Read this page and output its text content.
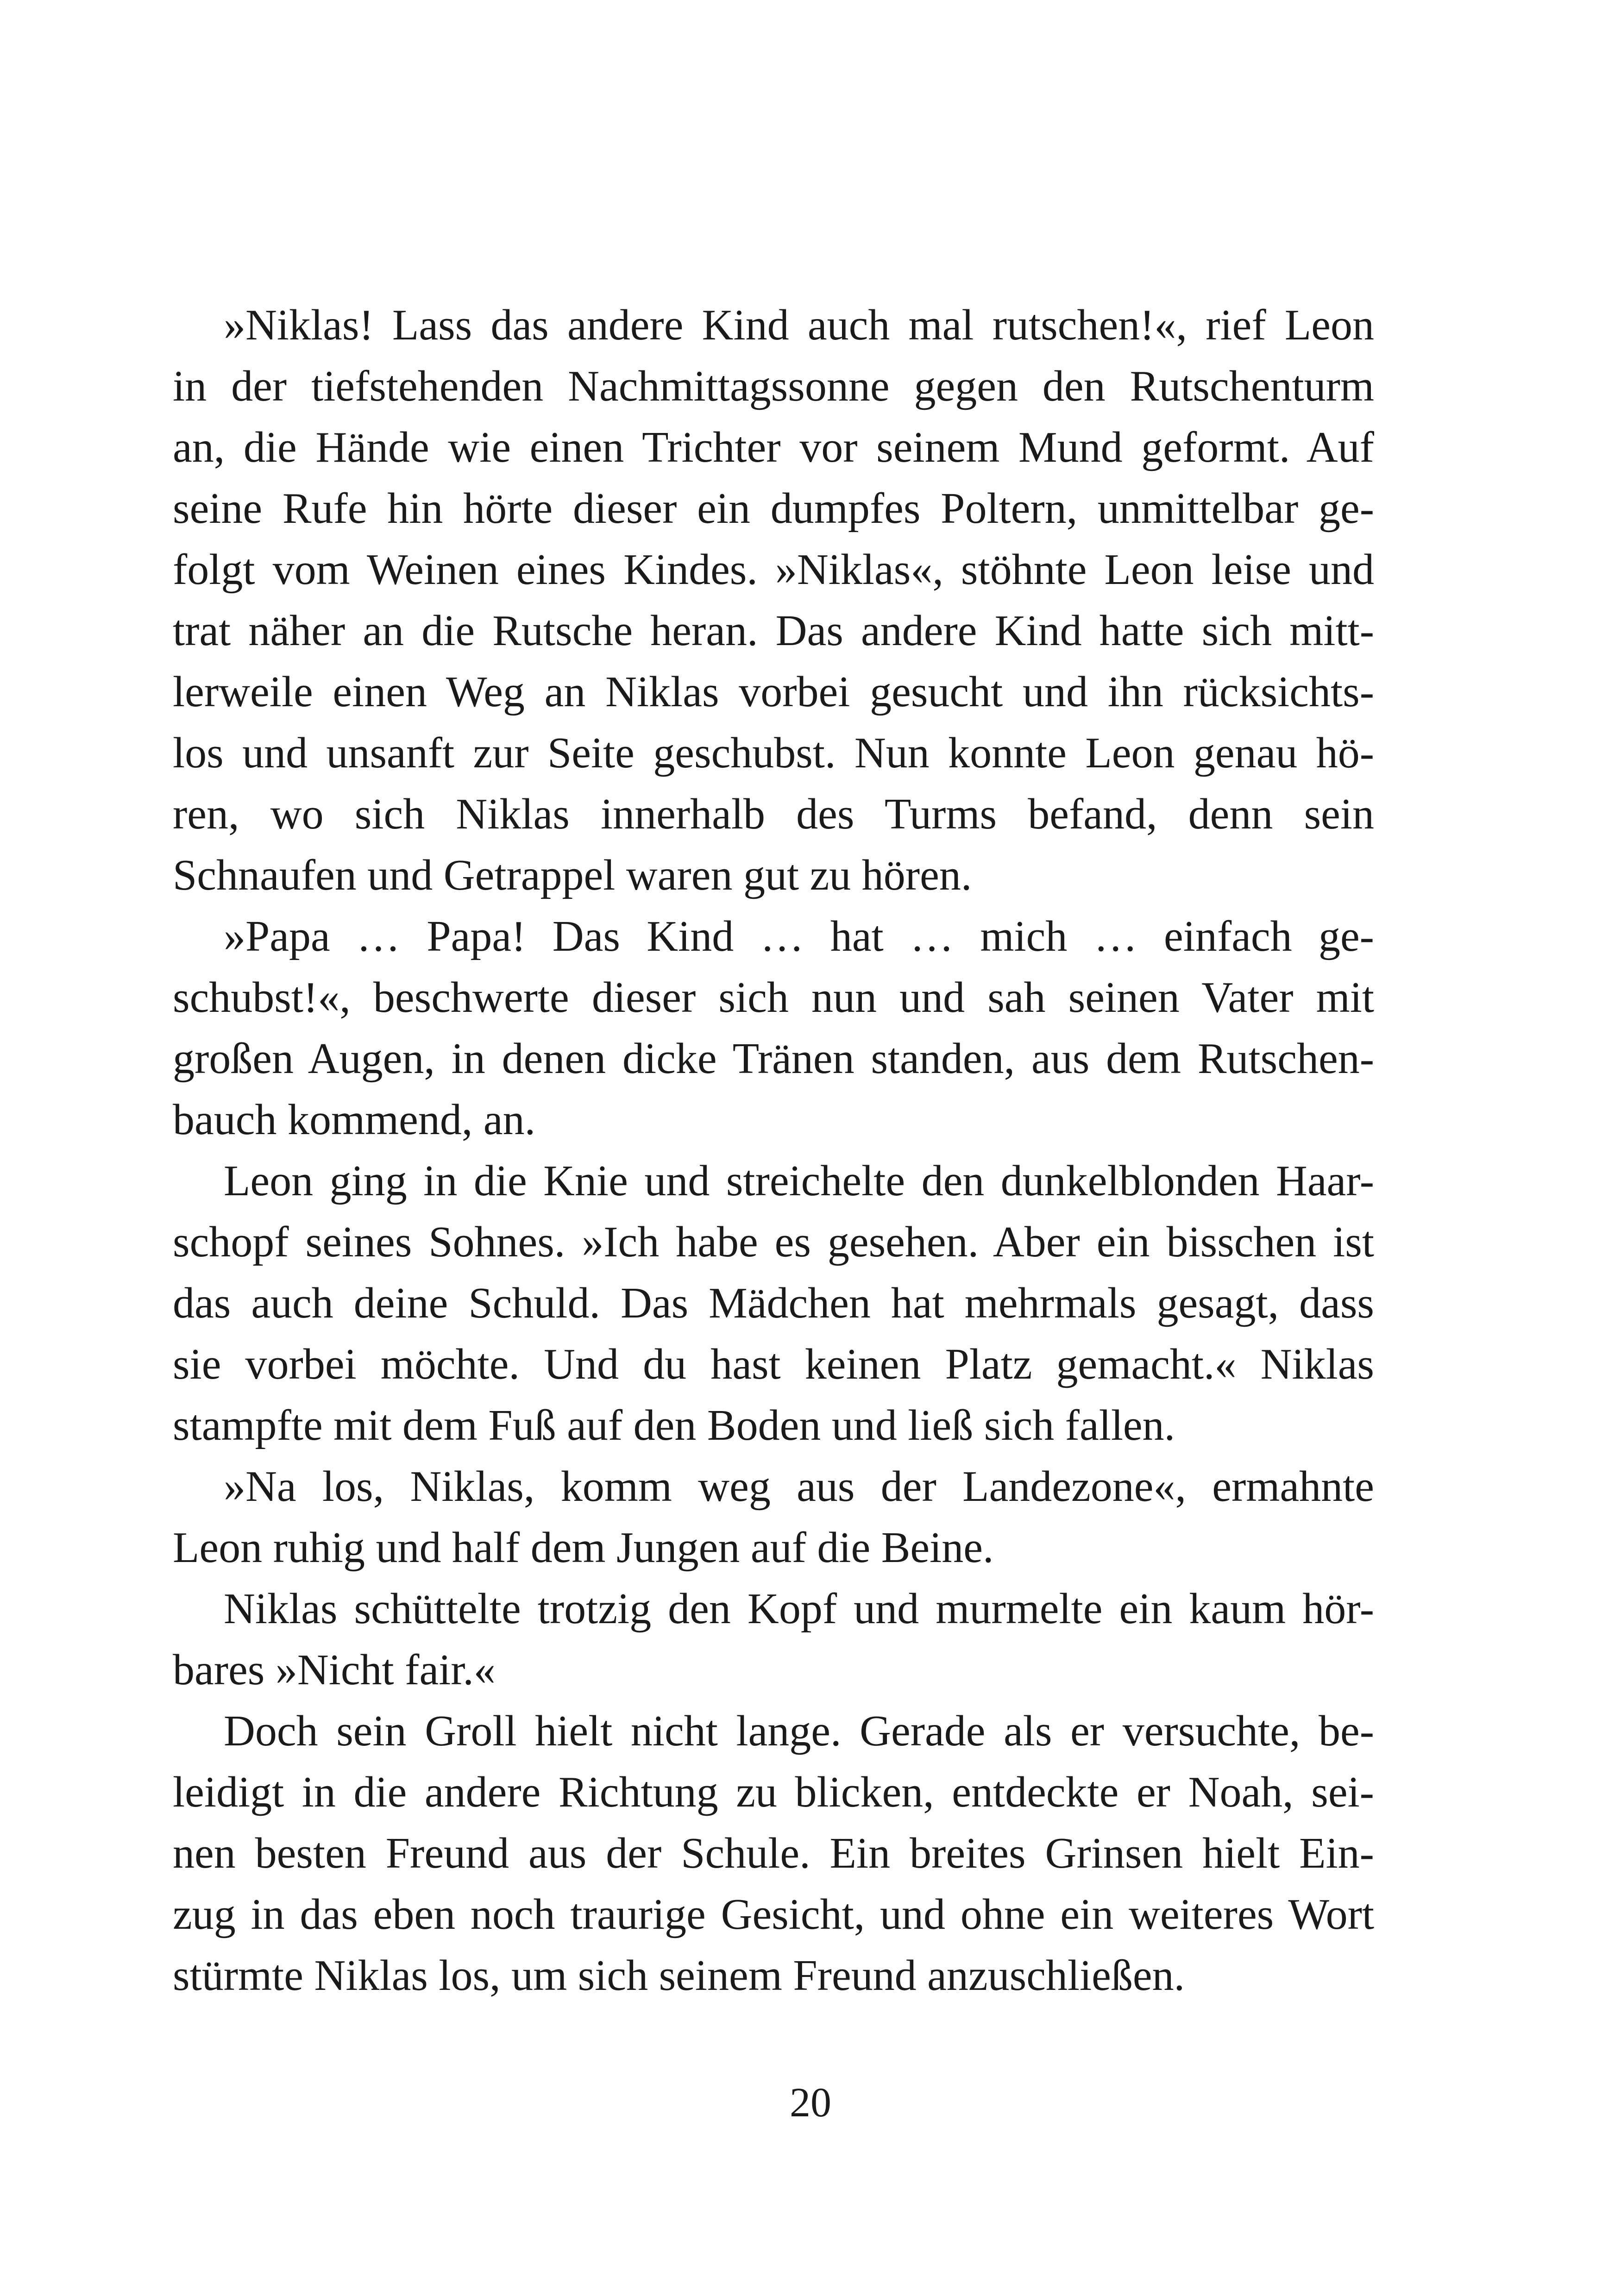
»Niklas! Lass das andere Kind auch mal rutschen!«, rief Leon
in der tiefstehenden Nachmittagssonne gegen den Rutschenturm
an, die Hände wie einen Trichter vor seinem Mund geformt. Auf
seine Rufe hin hörte dieser ein dumpfes Poltern, unmittelbar ge-
folgt vom Weinen eines Kindes. »Niklas«, stöhnte Leon leise und
trat näher an die Rutsche heran. Das andere Kind hatte sich mitt-
lerweile einen Weg an Niklas vorbei gesucht und ihn rücksichts-
los und unsanft zur Seite geschubst. Nun konnte Leon genau hö-
ren, wo sich Niklas innerhalb des Turms befand, denn sein
Schnaufen und Getrappel waren gut zu hören.
»Papa … Papa! Das Kind … hat … mich … einfach ge-
schubst!«, beschwerte dieser sich nun und sah seinen Vater mit
großen Augen, in denen dicke Tränen standen, aus dem Rutschen-
bauch kommend, an.
Leon ging in die Knie und streichelte den dunkelblonden Haar-
schopf seines Sohnes. »Ich habe es gesehen. Aber ein bisschen ist
das auch deine Schuld. Das Mädchen hat mehrmals gesagt, dass
sie vorbei möchte. Und du hast keinen Platz gemacht.« Niklas
stampfte mit dem Fuß auf den Boden und ließ sich fallen.
»Na los, Niklas, komm weg aus der Landezone«, ermahnte
Leon ruhig und half dem Jungen auf die Beine.
Niklas schüttelte trotzig den Kopf und murmelte ein kaum hör-
bares »Nicht fair.«
Doch sein Groll hielt nicht lange. Gerade als er versuchte, be-
leidigt in die andere Richtung zu blicken, entdeckte er Noah, sei-
nen besten Freund aus der Schule. Ein breites Grinsen hielt Ein-
zug in das eben noch traurige Gesicht, und ohne ein weiteres Wort
stürmte Niklas los, um sich seinem Freund anzuschließen.
20
